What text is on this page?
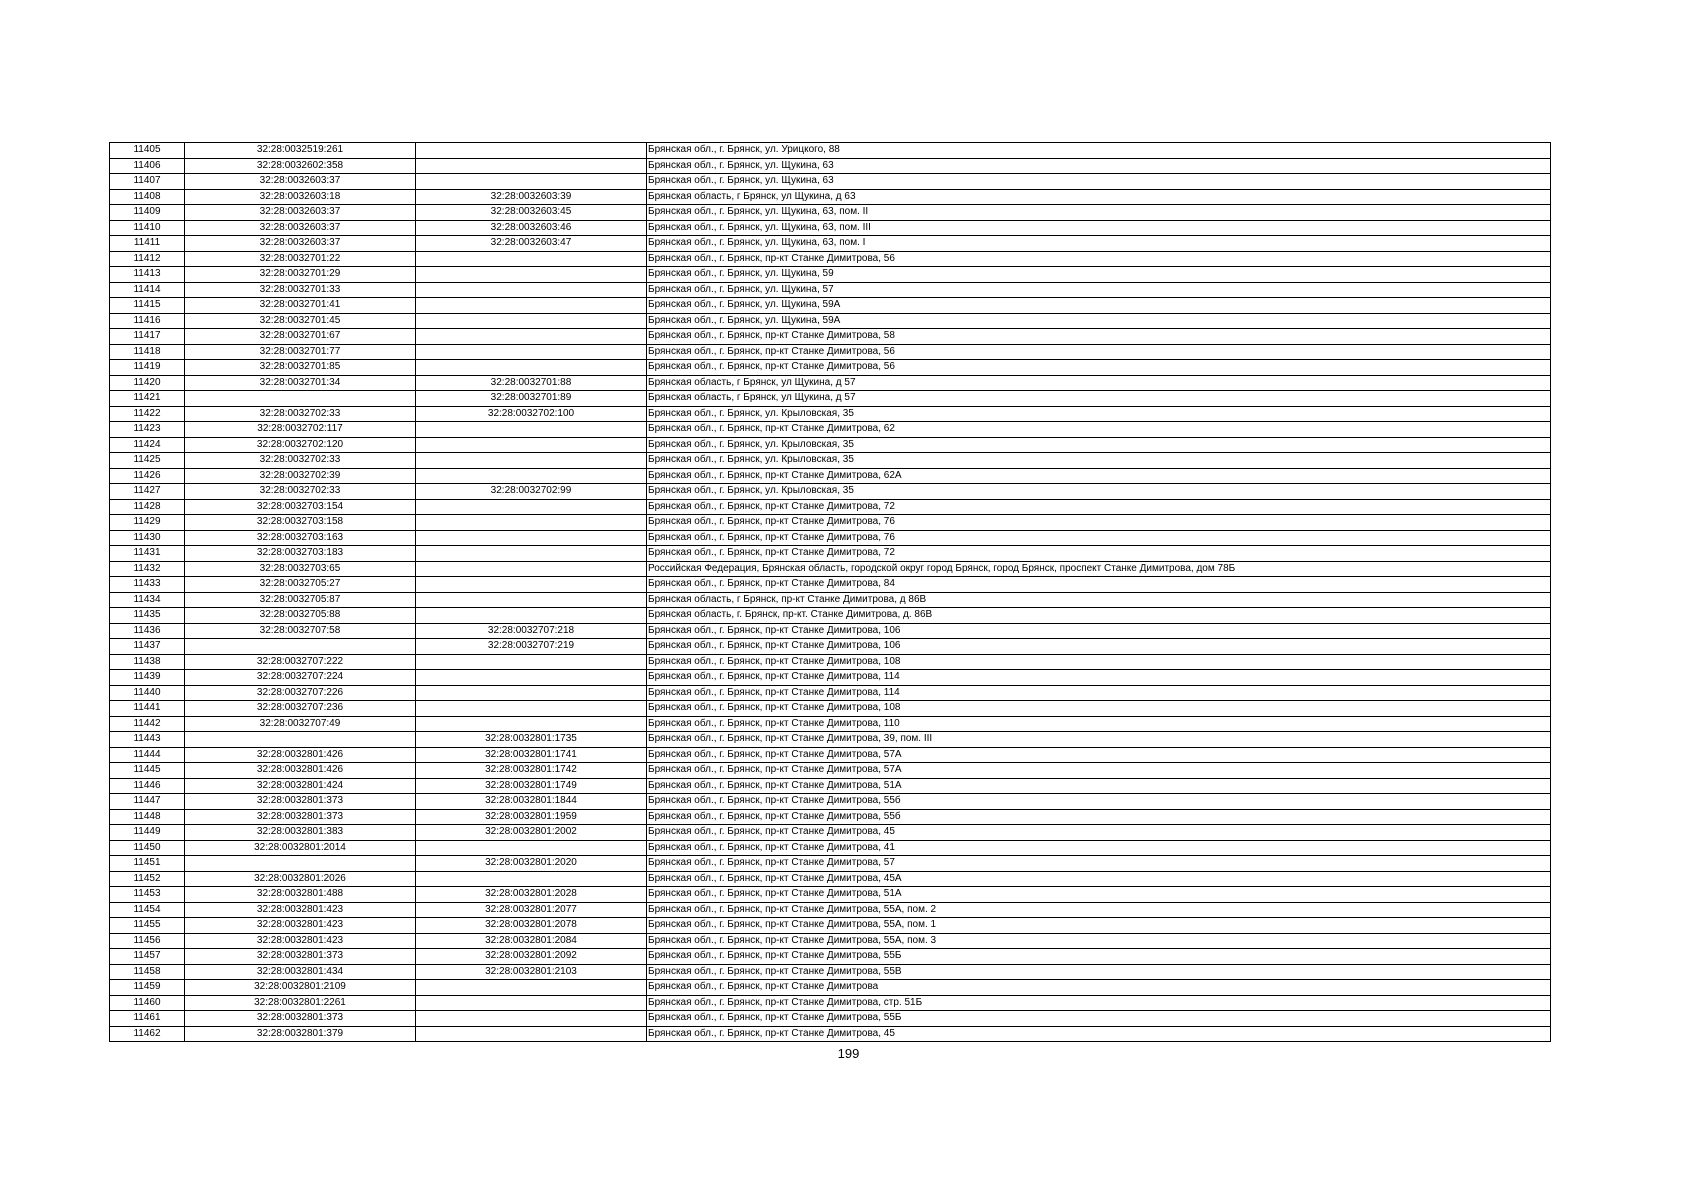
11405	32:28:0032519:261		Брянская обл., г. Брянск, ул. Урицкого, 88
11406	32:28:0032602:358		Брянская обл., г. Брянск, ул. Щукина, 63
11407	32:28:0032603:37		Брянская обл., г. Брянск, ул. Щукина, 63
11408	32:28:0032603:18	32:28:0032603:39	Брянская область, г Брянск, ул Щукина, д 63
11409	32:28:0032603:37	32:28:0032603:45	Брянская обл., г. Брянск, ул. Щукина, 63, пом. II
11410	32:28:0032603:37	32:28:0032603:46	Брянская обл., г. Брянск, ул. Щукина, 63, пом. III
11411	32:28:0032603:37	32:28:0032603:47	Брянская обл., г. Брянск, ул. Щукина, 63, пом. I
11412	32:28:0032701:22		Брянская обл., г. Брянск, пр-кт Станке Димитрова, 56
11413	32:28:0032701:29		Брянская обл., г. Брянск, ул. Щукина, 59
11414	32:28:0032701:33		Брянская обл., г. Брянск, ул. Щукина, 57
11415	32:28:0032701:41		Брянская обл., г. Брянск, ул. Щукина, 59А
11416	32:28:0032701:45		Брянская обл., г. Брянск, ул. Щукина, 59А
11417	32:28:0032701:67		Брянская обл., г. Брянск, пр-кт Станке Димитрова, 58
11418	32:28:0032701:77		Брянская обл., г. Брянск, пр-кт Станке Димитрова, 56
11419	32:28:0032701:85		Брянская обл., г. Брянск, пр-кт Станке Димитрова, 56
11420	32:28:0032701:34	32:28:0032701:88	Брянская область, г Брянск, ул Щукина, д 57
11421		32:28:0032701:89	Брянская область, г Брянск, ул Щукина, д 57
11422	32:28:0032702:33	32:28:0032702:100	Брянская обл., г. Брянск, ул. Крыловская, 35
11423	32:28:0032702:117		Брянская обл., г. Брянск, пр-кт Станке Димитрова, 62
11424	32:28:0032702:120		Брянская обл., г. Брянск, ул. Крыловская, 35
11425	32:28:0032702:33		Брянская обл., г. Брянск, ул. Крыловская, 35
11426	32:28:0032702:39		Брянская обл., г. Брянск, пр-кт Станке Димитрова, 62А
11427	32:28:0032702:33	32:28:0032702:99	Брянская обл., г. Брянск, ул. Крыловская, 35
11428	32:28:0032703:154		Брянская обл., г. Брянск, пр-кт Станке Димитрова, 72
11429	32:28:0032703:158		Брянская обл., г. Брянск, пр-кт Станке Димитрова, 76
11430	32:28:0032703:163		Брянская обл., г. Брянск, пр-кт Станке Димитрова, 76
11431	32:28:0032703:183		Брянская обл., г. Брянск, пр-кт Станке Димитрова, 72
11432	32:28:0032703:65		Российская Федерация, Брянская область, городской округ город Брянск, город Брянск, проспект Станке Димитрова, дом 78Б
11433	32:28:0032705:27		Брянская обл., г. Брянск, пр-кт Станке Димитрова, 84
11434	32:28:0032705:87		Брянская область, г Брянск, пр-кт Станке Димитрова, д 86В
11435	32:28:0032705:88		Брянская область, г. Брянск, пр-кт. Станке Димитрова, д. 86В
11436	32:28:0032707:58	32:28:0032707:218	Брянская обл., г. Брянск, пр-кт Станке Димитрова, 106
11437		32:28:0032707:219	Брянская обл., г. Брянск, пр-кт Станке Димитрова, 106
11438	32:28:0032707:222		Брянская обл., г. Брянск, пр-кт Станке Димитрова, 108
11439	32:28:0032707:224		Брянская обл., г. Брянск, пр-кт Станке Димитрова, 114
11440	32:28:0032707:226		Брянская обл., г. Брянск, пр-кт Станке Димитрова, 114
11441	32:28:0032707:236		Брянская обл., г. Брянск, пр-кт Станке Димитрова, 108
11442	32:28:0032707:49		Брянская обл., г. Брянск, пр-кт Станке Димитрова, 110
11443		32:28:0032801:1735	Брянская обл., г. Брянск, пр-кт Станке Димитрова, 39, пом. III
11444	32:28:0032801:426	32:28:0032801:1741	Брянская обл., г. Брянск, пр-кт Станке Димитрова, 57А
11445	32:28:0032801:426	32:28:0032801:1742	Брянская обл., г. Брянск, пр-кт Станке Димитрова, 57А
11446	32:28:0032801:424	32:28:0032801:1749	Брянская обл., г. Брянск, пр-кт Станке Димитрова, 51А
11447	32:28:0032801:373	32:28:0032801:1844	Брянская обл., г. Брянск, пр-кт Станке Димитрова, 55б
11448	32:28:0032801:373	32:28:0032801:1959	Брянская обл., г. Брянск, пр-кт Станке Димитрова, 55б
11449	32:28:0032801:383	32:28:0032801:2002	Брянская обл., г. Брянск, пр-кт Станке Димитрова, 45
11450	32:28:0032801:2014		Брянская обл., г. Брянск, пр-кт Станке Димитрова, 41
11451		32:28:0032801:2020	Брянская обл., г. Брянск, пр-кт Станке Димитрова, 57
11452	32:28:0032801:2026		Брянская обл., г. Брянск, пр-кт Станке Димитрова, 45А
11453	32:28:0032801:488	32:28:0032801:2028	Брянская обл., г. Брянск, пр-кт Станке Димитрова, 51А
11454	32:28:0032801:423	32:28:0032801:2077	Брянская обл., г. Брянск, пр-кт Станке Димитрова, 55А, пом. 2
11455	32:28:0032801:423	32:28:0032801:2078	Брянская обл., г. Брянск, пр-кт Станке Димитрова, 55А, пом. 1
11456	32:28:0032801:423	32:28:0032801:2084	Брянская обл., г. Брянск, пр-кт Станке Димитрова, 55А, пом. 3
11457	32:28:0032801:373	32:28:0032801:2092	Брянская обл., г. Брянск, пр-кт Станке Димитрова, 55Б
11458	32:28:0032801:434	32:28:0032801:2103	Брянская обл., г. Брянск, пр-кт Станке Димитрова, 55В
11459	32:28:0032801:2109		Брянская обл., г. Брянск, пр-кт Станке Димитрова
11460	32:28:0032801:2261		Брянская обл., г. Брянск, пр-кт Станке Димитрова, стр. 51Б
11461	32:28:0032801:373		Брянская обл., г. Брянск, пр-кт Станке Димитрова, 55Б
11462	32:28:0032801:379		Брянская обл., г. Брянск, пр-кт Станке Димитрова, 45
199
